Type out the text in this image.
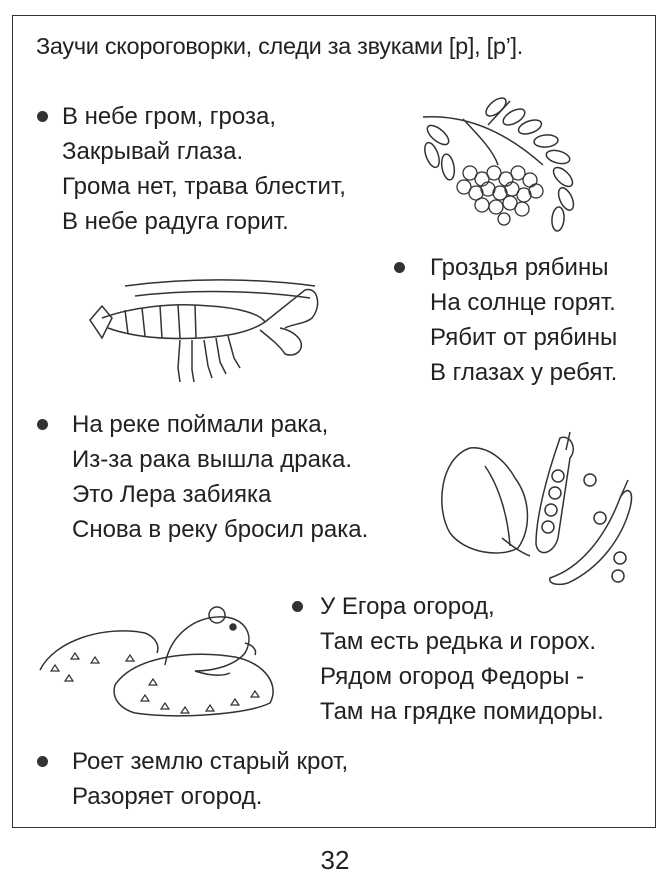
Заучи скороговорки, следи за звуками [р], [р’].
В небе гром, гроза,
Закрывай глаза.
Грома нет, трава блестит,
В небе радуга горит.
Гроздья рябины
На солнце горят.
Рябит от рябины
В глазах у ребят.
На реке поймали рака,
Из-за рака вышла драка.
Это Лера забияка
Снова в реку бросил рака.
У Егора огород,
Там есть редька и горох.
Рядом огород Федоры -
Там на грядке помидоры.
Роет землю старый крот,
Разоряет огород.
32
